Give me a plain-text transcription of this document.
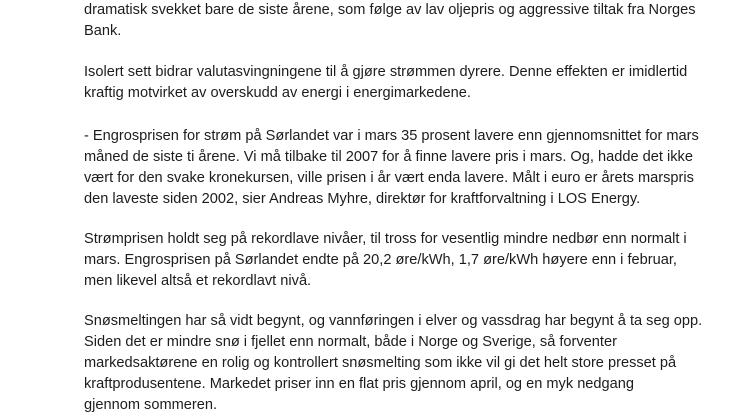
dramatisk svekket bare de siste årene, som følge av lav oljepris og aggressive tiltak fra Norges
Bank.

Isolert sett bidrar valutasvingningene til å gjøre strømmen dyrere. Denne effekten er imidlertid
kraftig motvirket av overskudd av energi i energimarkedene.

- Engrosprisen for strøm på Sørlandet var i mars 35 prosent lavere enn gjennomsnittet for mars
måned de siste ti årene. Vi må tilbake til 2007 for å finne lavere pris i mars. Og, hadde det ikke
vært for den svake kronekursen, ville prisen i år vært enda lavere. Målt i euro er årets marspris
den laveste siden 2002, sier Andreas Myhre, direktør for kraftforvaltning i LOS Energy.

Strømprisen holdt seg på rekordlave nivåer, til tross for vesentlig mindre nedbør enn normalt i
mars. Engrosprisen på Sørlandet endte på 20,2 øre/kWh, 1,7 øre/kWh høyere enn i februar,
men likevel altså et rekordlavt nivå.

Snøsmeltingen har så vidt begynt, og vannføringen i elver og vassdrag har begynt å ta seg opp.
Siden det er mindre snø i fjellet enn normalt, både i Norge og Sverige, så forventer
markedsaktørene en rolig og kontrollert snøsmelting som ikke vil gi det helt store presset på
kraftprodusentene. Markedet priser inn en flat pris gjennom april, og en myk nedgang
gjennom sommeren.
